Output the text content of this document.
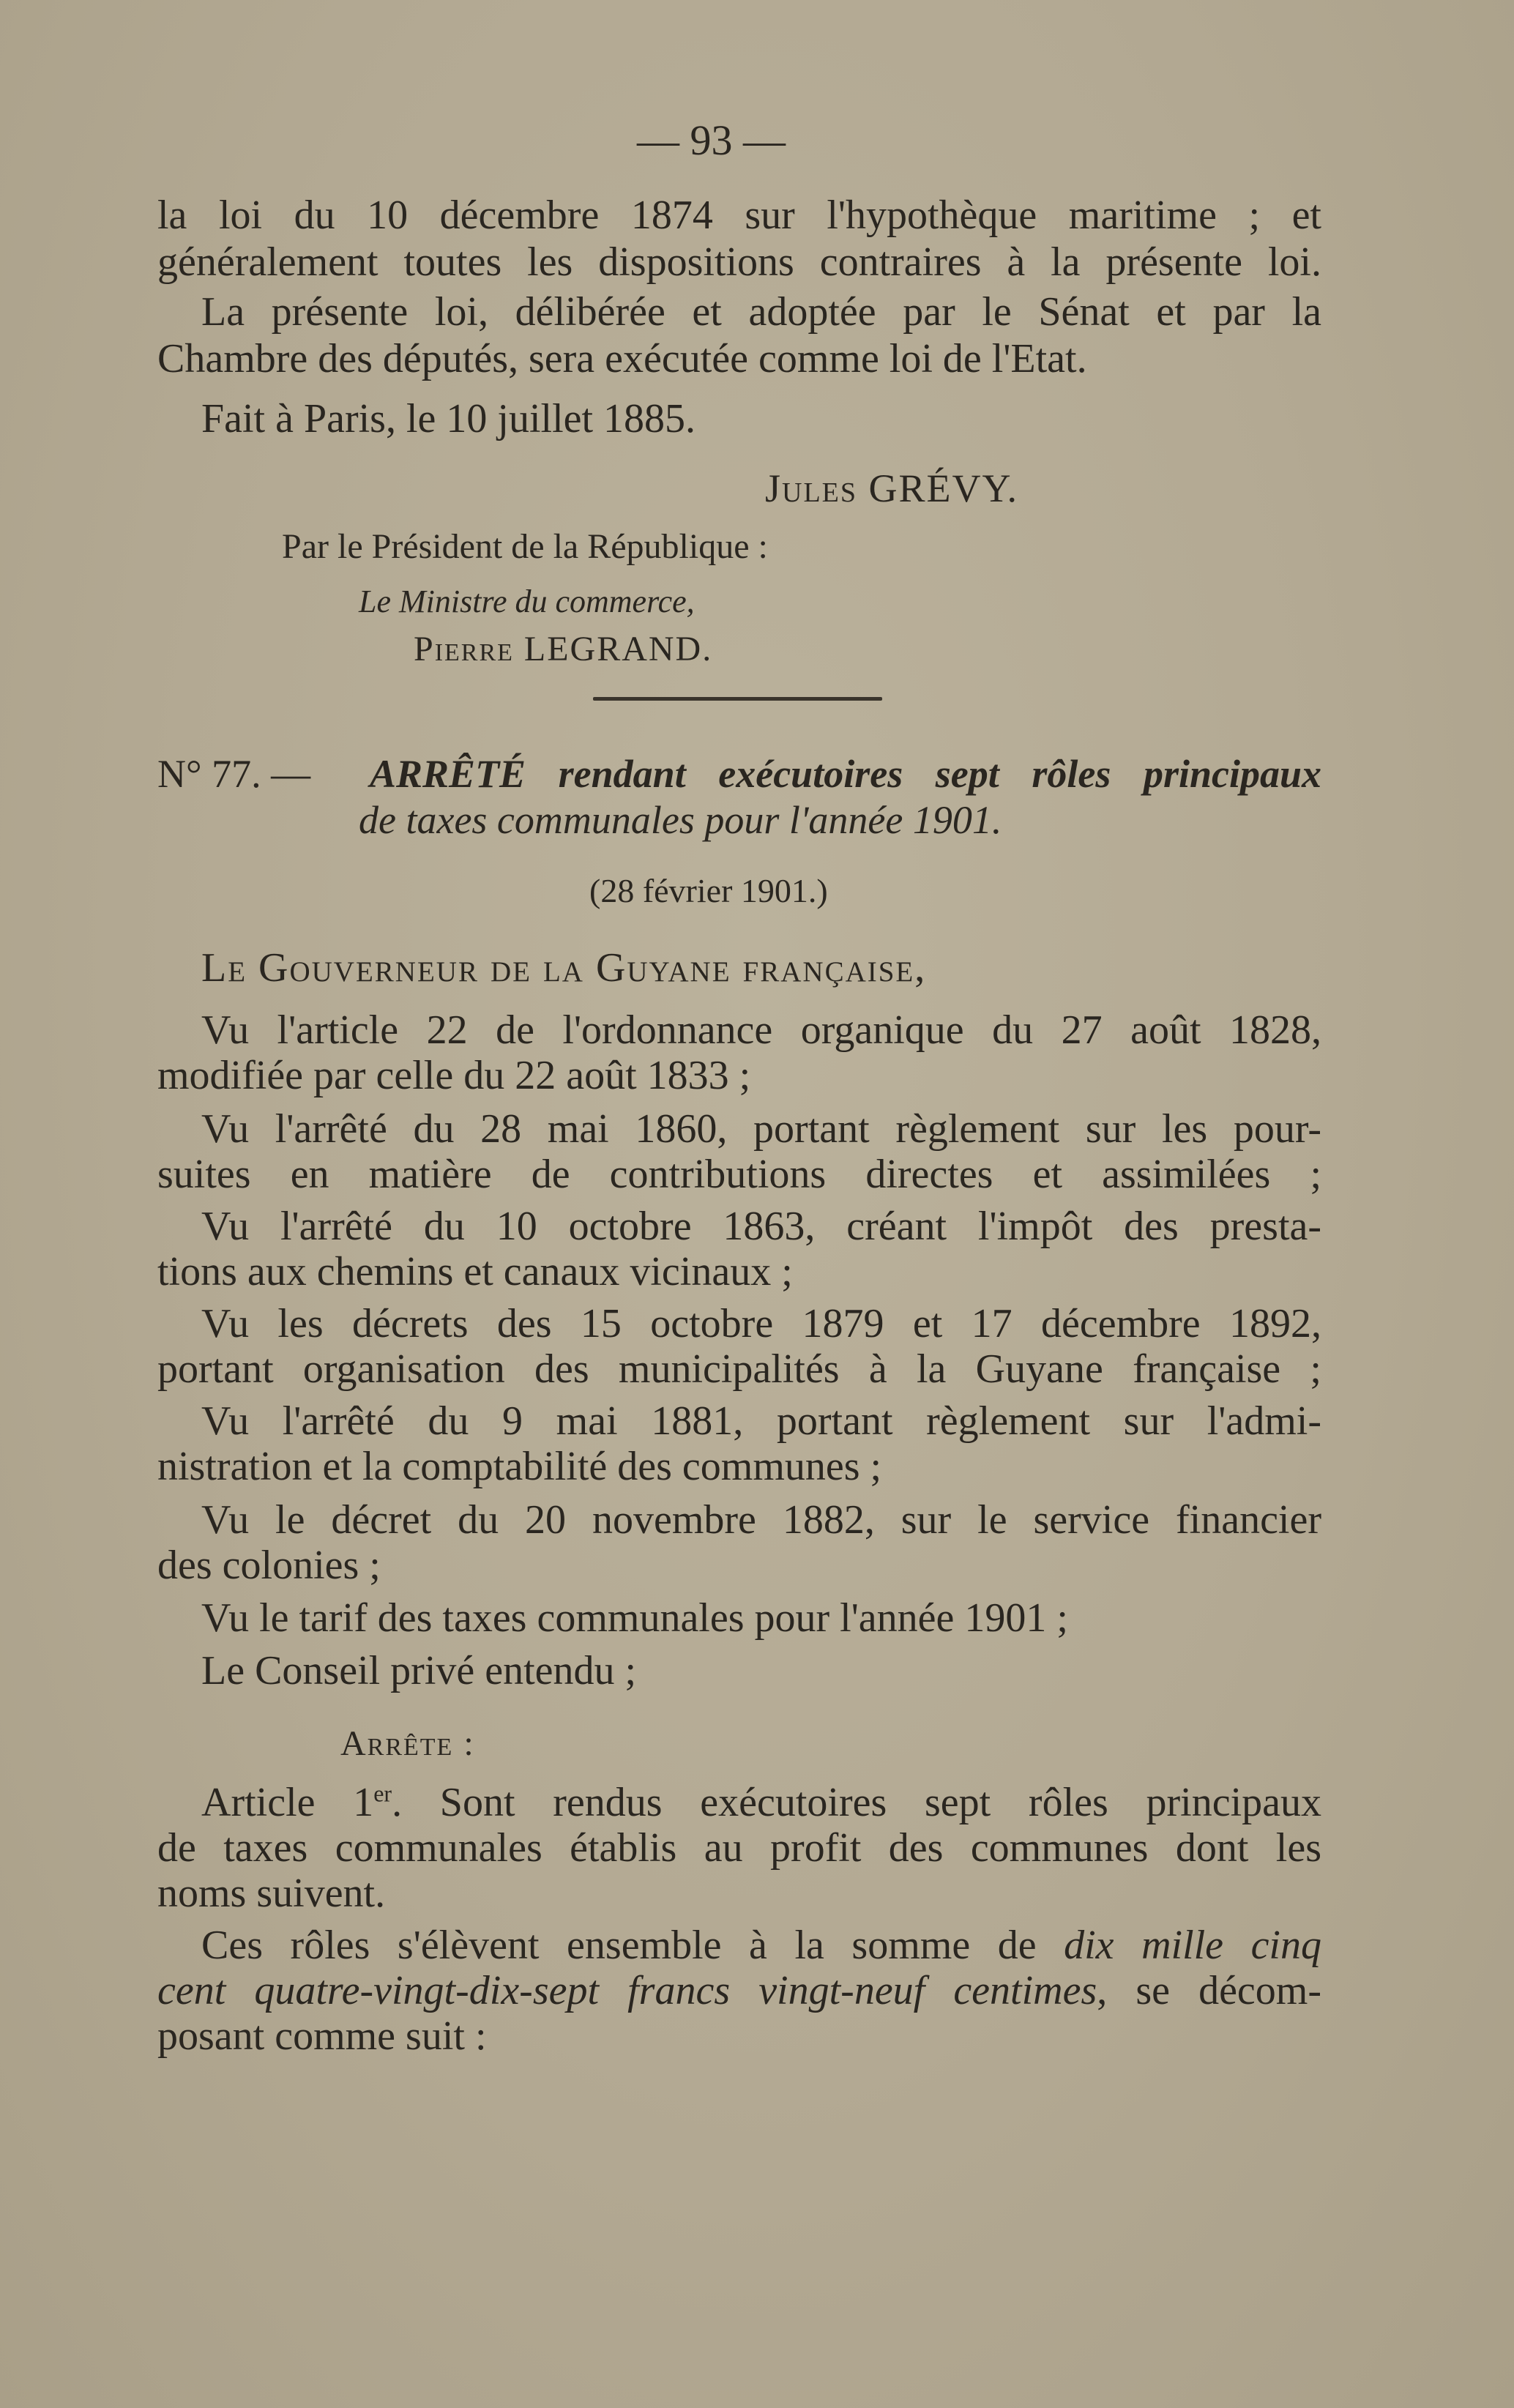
— 93 —
la loi du 10 décembre 1874 sur l'hypothèque maritime ; et
généralement toutes les dispositions contraires à la présente loi.
La présente loi, délibérée et adoptée par le Sénat et par la
Chambre des députés, sera exécutée comme loi de l'Etat.
Fait à Paris, le 10 juillet 1885.
Jules GRÉVY.
Par le Président de la République :
Le Ministre du commerce,
Pierre LEGRAND.
N° 77. — ARRÊTÉ rendant exécutoires sept rôles principaux
de taxes communales pour l'année 1901.
(28 février 1901.)
Le Gouverneur de la Guyane française,
Vu l'article 22 de l'ordonnance organique du 27 août 1828,
modifiée par celle du 22 août 1833 ;
Vu l'arrêté du 28 mai 1860, portant règlement sur les pour-
suites en matière de contributions directes et assimilées ;
Vu l'arrêté du 10 octobre 1863, créant l'impôt des presta-
tions aux chemins et canaux vicinaux ;
Vu les décrets des 15 octobre 1879 et 17 décembre 1892,
portant organisation des municipalités à la Guyane française ;
Vu l'arrêté du 9 mai 1881, portant règlement sur l'admi-
nistration et la comptabilité des communes ;
Vu le décret du 20 novembre 1882, sur le service financier
des colonies ;
Vu le tarif des taxes communales pour l'année 1901 ;
Le Conseil privé entendu ;
Arrête :
Article 1er. Sont rendus exécutoires sept rôles principaux
de taxes communales établis au profit des communes dont les
noms suivent.
Ces rôles s'élèvent ensemble à la somme de dix mille cinq
cent quatre-vingt-dix-sept francs vingt-neuf centimes, se décom-
posant comme suit :
